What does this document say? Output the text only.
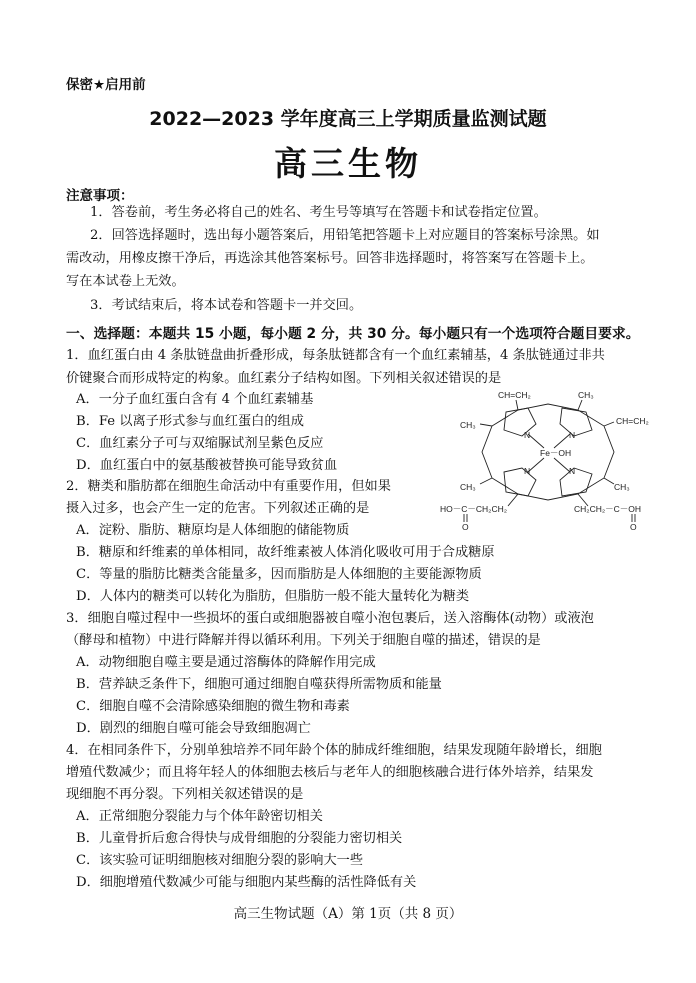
保密★启用前
2022—2023 学年度高三上学期质量监测试题
高三生物
注意事项：
1．答卷前，考生务必将自己的姓名、考生号等填写在答题卡和试卷指定位置。
2．回答选择题时，选出每小题答案后，用铅笔把答题卡上对应题目的答案标号涂黑。如
需改动，用橡皮擦干净后，再选涂其他答案标号。回答非选择题时，将答案写在答题卡上。
写在本试卷上无效。
3．考试结束后，将本试卷和答题卡一并交回。
一、选择题：本题共 15 小题，每小题 2 分，共 30 分。每小题只有一个选项符合题目要求。
1．血红蛋白由 4 条肽链盘曲折叠形成，每条肽链都含有一个血红素辅基，4 条肽链通过非共
价键聚合而形成特定的构象。血红素分子结构如图。下列相关叙述错误的是
A．一分子血红蛋白含有 4 个血红素辅基
B．Fe 以离子形式参与血红蛋白的组成
C．血红素分子可与双缩脲试剂呈紫色反应
D．血红蛋白中的氨基酸被替换可能导致贫血
2．糖类和脂肪都在细胞生命活动中有重要作用，但如果
摄入过多，也会产生一定的危害。下列叙述正确的是
A．淀粉、脂肪、糖原均是人体细胞的储能物质
B．糖原和纤维素的单体相同，故纤维素被人体消化吸收可用于合成糖原
C．等量的脂肪比糖类含能量多，因而脂肪是人体细胞的主要能源物质
D．人体内的糖类可以转化为脂肪，但脂肪一般不能大量转化为糖类
3．细胞自噬过程中一些损坏的蛋白或细胞器被自噬小泡包裹后，送入溶酶体(动物）或液泡
（酵母和植物）中进行降解并得以循环利用。下列关于细胞自噬的描述，错误的是
A．动物细胞自噬主要是通过溶酶体的降解作用完成
B．营养缺乏条件下，细胞可通过细胞自噬获得所需物质和能量
C．细胞自噬不会清除感染细胞的微生物和毒素
D．剧烈的细胞自噬可能会导致细胞凋亡
4．在相同条件下，分别单独培养不同年龄个体的肺成纤维细胞，结果发现随年龄增长，细胞
增殖代数减少；而且将年轻人的体细胞去核后与老年人的细胞核融合进行体外培养，结果发
现细胞不再分裂。下列相关叙述错误的是
A．正常细胞分裂能力与个体年龄密切相关
B．儿童骨折后愈合得快与成骨细胞的分裂能力密切相关
C．该实验可证明细胞核对细胞分裂的影响大一些
D．细胞增殖代数减少可能与细胞内某些酶的活性降低有关
CH=CH₂	CH₃
CH=CH₂
CH₃
N	N
N	N
Fe－OH
CH₃	CH₃
HO－C－CH₂CH₂	CH₂CH₂－C－OH
O	O
高三生物试题（A）第 1页（共 8 页）
